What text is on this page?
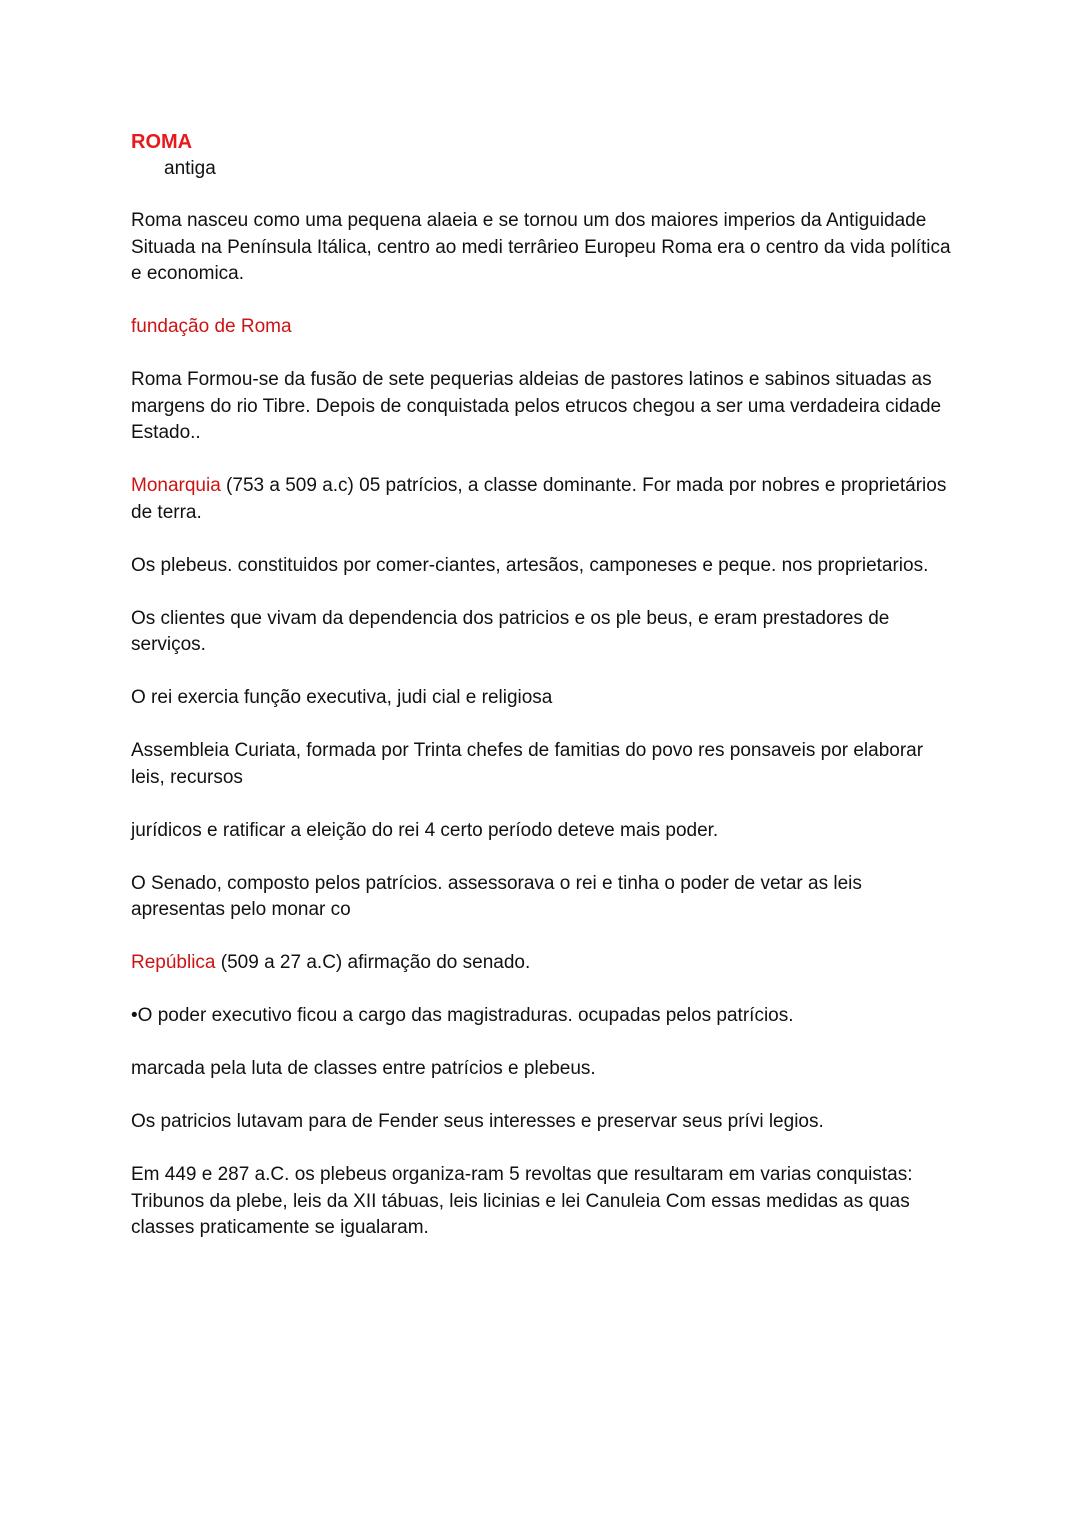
ROMA
antiga

Roma nasceu como uma pequena alaeia e se tornou um dos maiores imperios da Antiguidade Situada na Península Itálica, centro ao medi terrârieo Europeu Roma era o centro da vida política e economica.

fundação de Roma

Roma Formou-se da fusão de sete pequerias aldeias de pastores latinos e sabinos situadas as margens do rio Tibre. Depois de conquistada pelos etrucos chegou a ser uma verdadeira cidade Estado..

Monarquia (753 a 509 a.c) 05 patrícios, a classe dominante. For mada por nobres e proprietários de terra.

Os plebeus. constituidos por comer-ciantes, artesãos, camponeses e peque. nos proprietarios.

Os clientes que vivam da dependencia dos patricios e os ple beus, e eram prestadores de serviços.

O rei exercia função executiva, judi cial e religiosa

Assembleia Curiata, formada por Trinta chefes de famitias do povo res ponsaveis por elaborar leis, recursos

jurídicos e ratificar a eleição do rei 4 certo período deteve mais poder.

O Senado, composto pelos patrícios. assessorava o rei e tinha o poder de vetar as leis apresentas pelo monar co

República (509 a 27 a.C) afirmação do senado.

•O poder executivo ficou a cargo das magistraduras. ocupadas pelos patrícios.

marcada pela luta de classes entre patrícios e plebeus.

Os patricios lutavam para de Fender seus interesses e preservar seus prívi legios.

Em 449 e 287 a.C. os plebeus organiza-ram 5 revoltas que resultaram em varias conquistas: Tribunos da plebe, leis da XII tábuas, leis licinias e lei Canuleia Com essas medidas as quas classes praticamente se igualaram.
